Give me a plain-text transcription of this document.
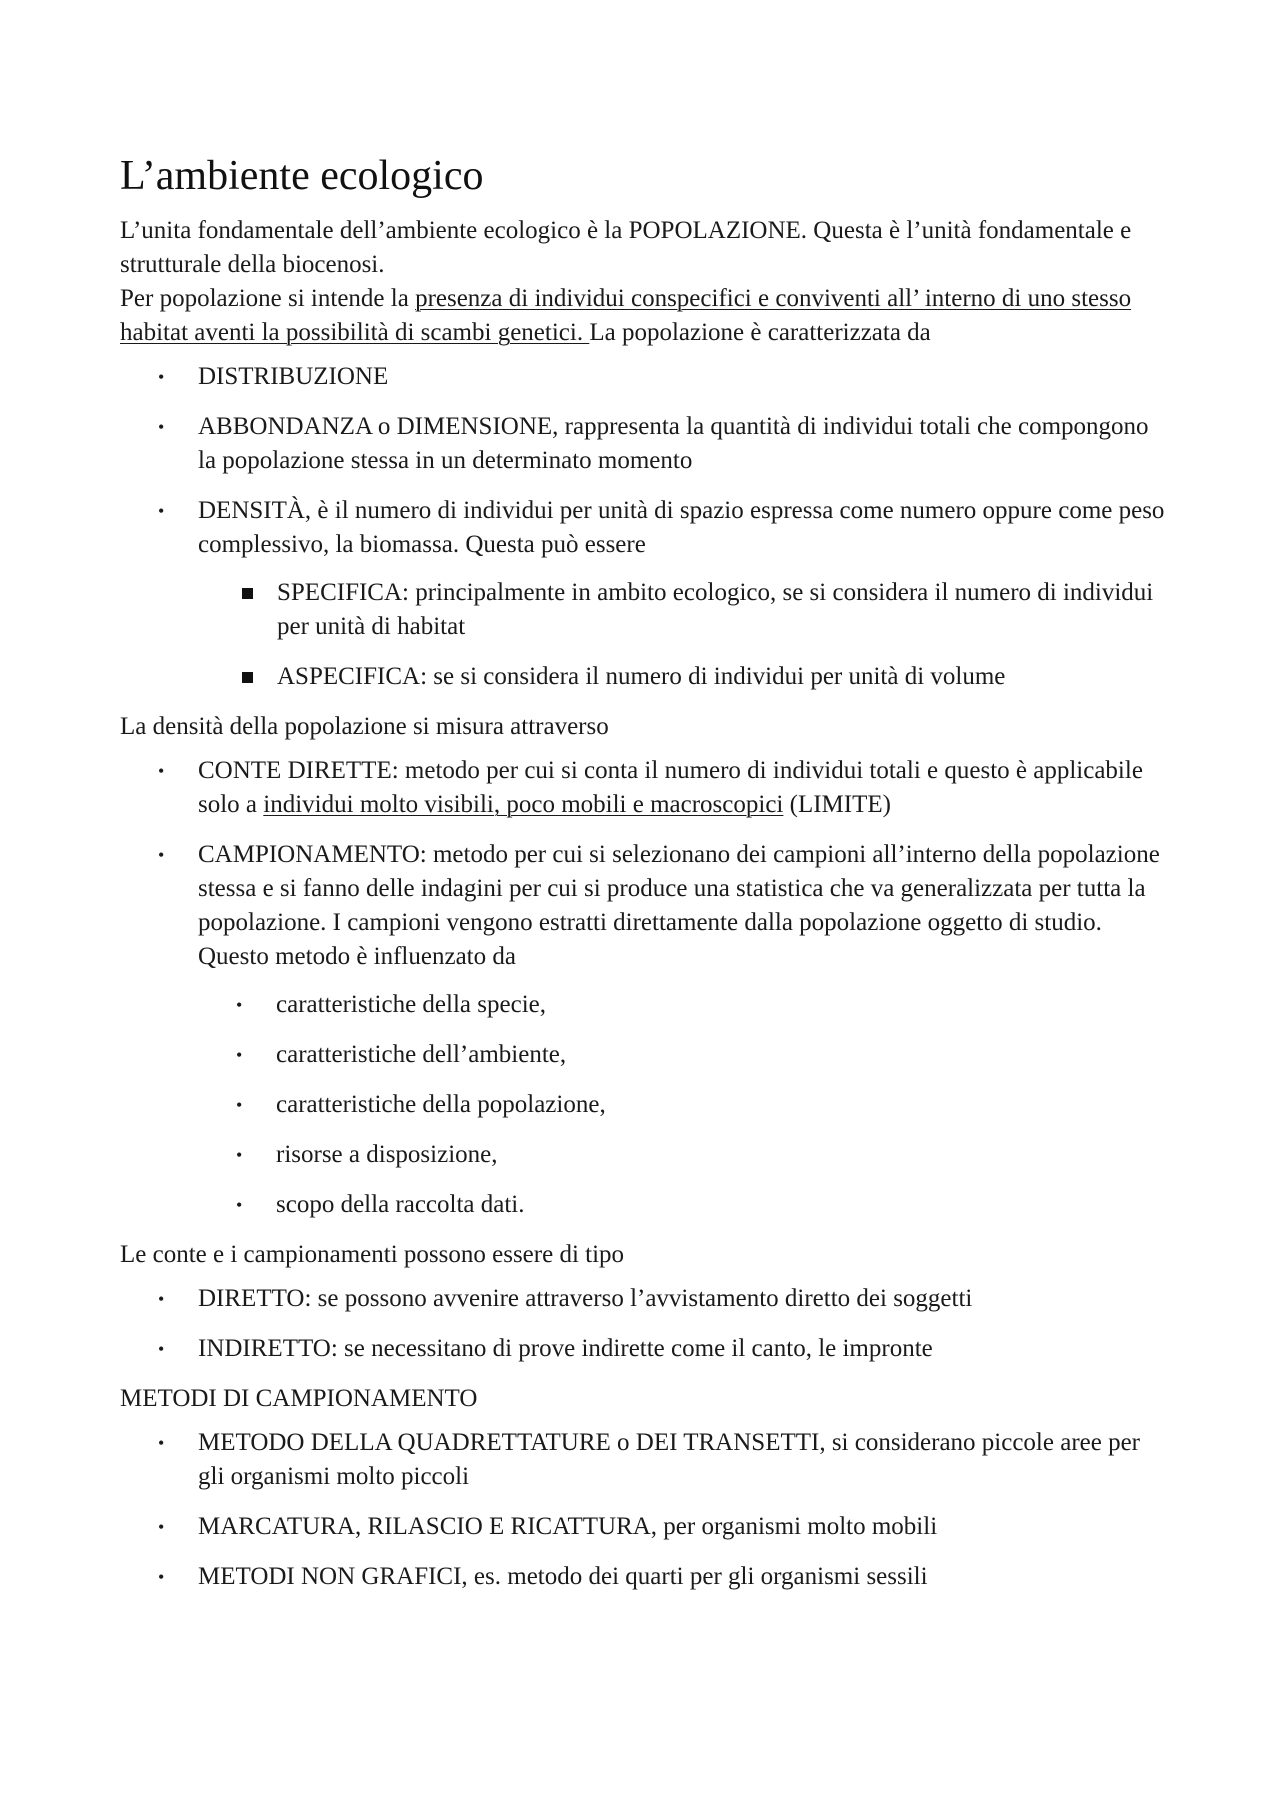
L’ambiente ecologico

L’unita fondamentale dell’ambiente ecologico è la POPOLAZIONE. Questa è l’unità fondamentale e strutturale della biocenosi.
Per popolazione si intende la presenza di individui conspecifici e conviventi all’ interno di uno stesso habitat aventi la possibilità di scambi genetici. La popolazione è caratterizzata da

• DISTRIBUZIONE
• ABBONDANZA o DIMENSIONE, rappresenta la quantità di individui totali che compongono la popolazione stessa in un determinato momento
• DENSITÀ, è il numero di individui per unità di spazio espressa come numero oppure come peso complessivo, la biomassa. Questa può essere
SPECIFICA: principalmente in ambito ecologico, se si considera il numero di individui per unità di habitat
ASPECIFICA: se si considera il numero di individui per unità di volume

La densità della popolazione si misura attraverso

• CONTE DIRETTE: metodo per cui si conta il numero di individui totali e questo è applicabile solo a individui molto visibili, poco mobili e macroscopici (LIMITE)
• CAMPIONAMENTO: metodo per cui si selezionano dei campioni all’interno della popolazione stessa e si fanno delle indagini per cui si produce una statistica che va generalizzata per tutta la popolazione. I campioni vengono estratti direttamente dalla popolazione oggetto di studio. Questo metodo è influenzato da
• caratteristiche della specie,
• caratteristiche dell’ambiente,
• caratteristiche della popolazione,
• risorse a disposizione,
• scopo della raccolta dati.

Le conte e i campionamenti possono essere di tipo

• DIRETTO: se possono avvenire attraverso l’avvistamento diretto dei soggetti
• INDIRETTO: se necessitano di prove indirette come il canto, le impronte

METODI DI CAMPIONAMENTO

• METODO DELLA QUADRETTATURE o DEI TRANSETTI, si considerano piccole aree per gli organismi molto piccoli
• MARCATURA, RILASCIO E RICATTURA, per organismi molto mobili
• METODI NON GRAFICI, es. metodo dei quarti per gli organismi sessili
